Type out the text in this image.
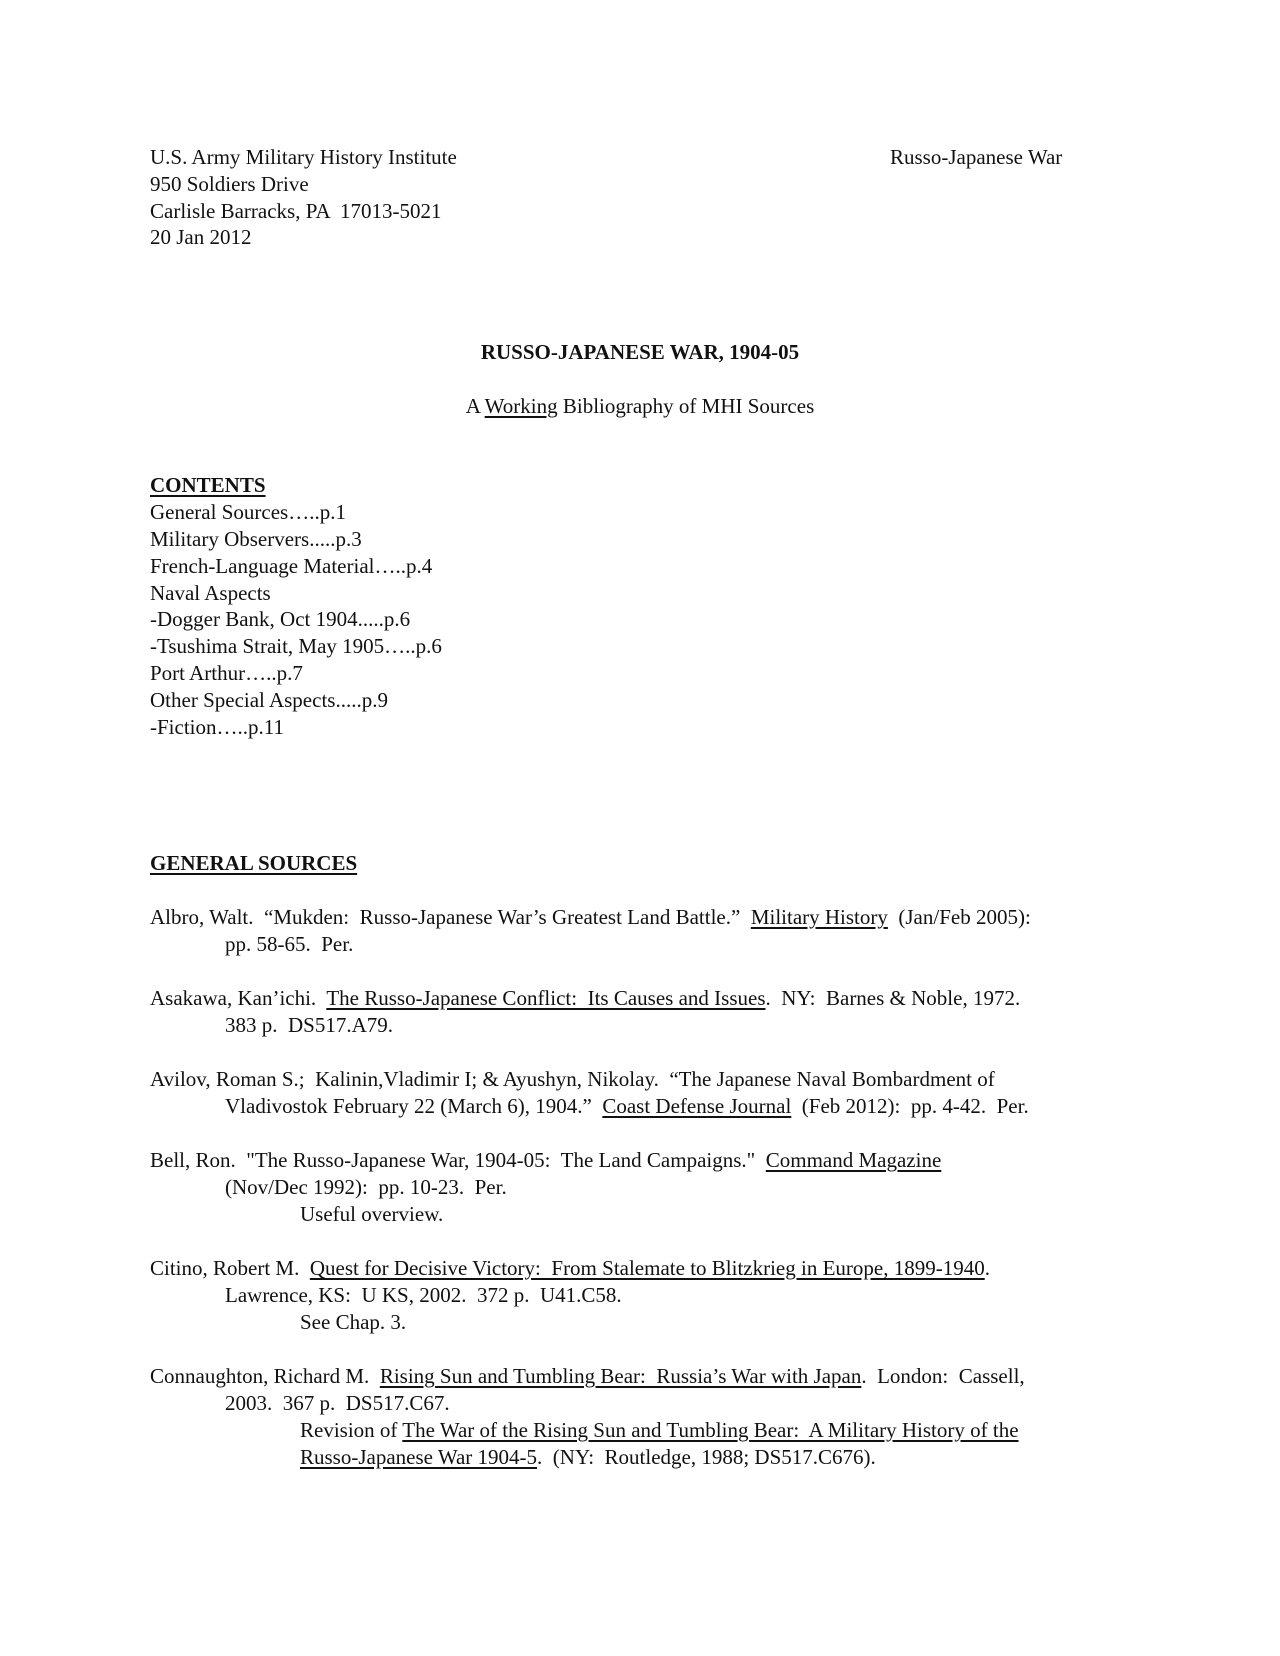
U.S. Army Military History Institute	Russo-Japanese War
950 Soldiers Drive
Carlisle Barracks, PA  17013-5021
20 Jan 2012
RUSSO-JAPANESE WAR, 1904-05
A Working Bibliography of MHI Sources
CONTENTS
General Sources…..p.1
Military Observers.....p.3
French-Language Material…..p.4
Naval Aspects
-Dogger Bank, Oct 1904.....p.6
-Tsushima Strait, May 1905…..p.6
Port Arthur…..p.7
Other Special Aspects.....p.9
-Fiction…..p.11
GENERAL SOURCES
Albro, Walt.  “Mukden:  Russo-Japanese War’s Greatest Land Battle.”  Military History  (Jan/Feb 2005):
pp. 58-65.  Per.
Asakawa, Kan’ichi.  The Russo-Japanese Conflict:  Its Causes and Issues.  NY:  Barnes & Noble, 1972.
383 p.  DS517.A79.
Avilov, Roman S.;  Kalinin,Vladimir I; & Ayushyn, Nikolay.  “The Japanese Naval Bombardment of
Vladivostok February 22 (March 6), 1904.”  Coast Defense Journal  (Feb 2012):  pp. 4-42.  Per.
Bell, Ron.  "The Russo-Japanese War, 1904-05:  The Land Campaigns."  Command Magazine
(Nov/Dec 1992):  pp. 10-23.  Per.
Useful overview.
Citino, Robert M.  Quest for Decisive Victory:  From Stalemate to Blitzkrieg in Europe, 1899-1940.
Lawrence, KS:  U KS, 2002.  372 p.  U41.C58.
See Chap. 3.
Connaughton, Richard M.  Rising Sun and Tumbling Bear:  Russia’s War with Japan.  London:  Cassell,
2003.  367 p.  DS517.C67.
Revision of The War of the Rising Sun and Tumbling Bear:  A Military History of the
Russo-Japanese War 1904-5.  (NY:  Routledge, 1988; DS517.C676).
